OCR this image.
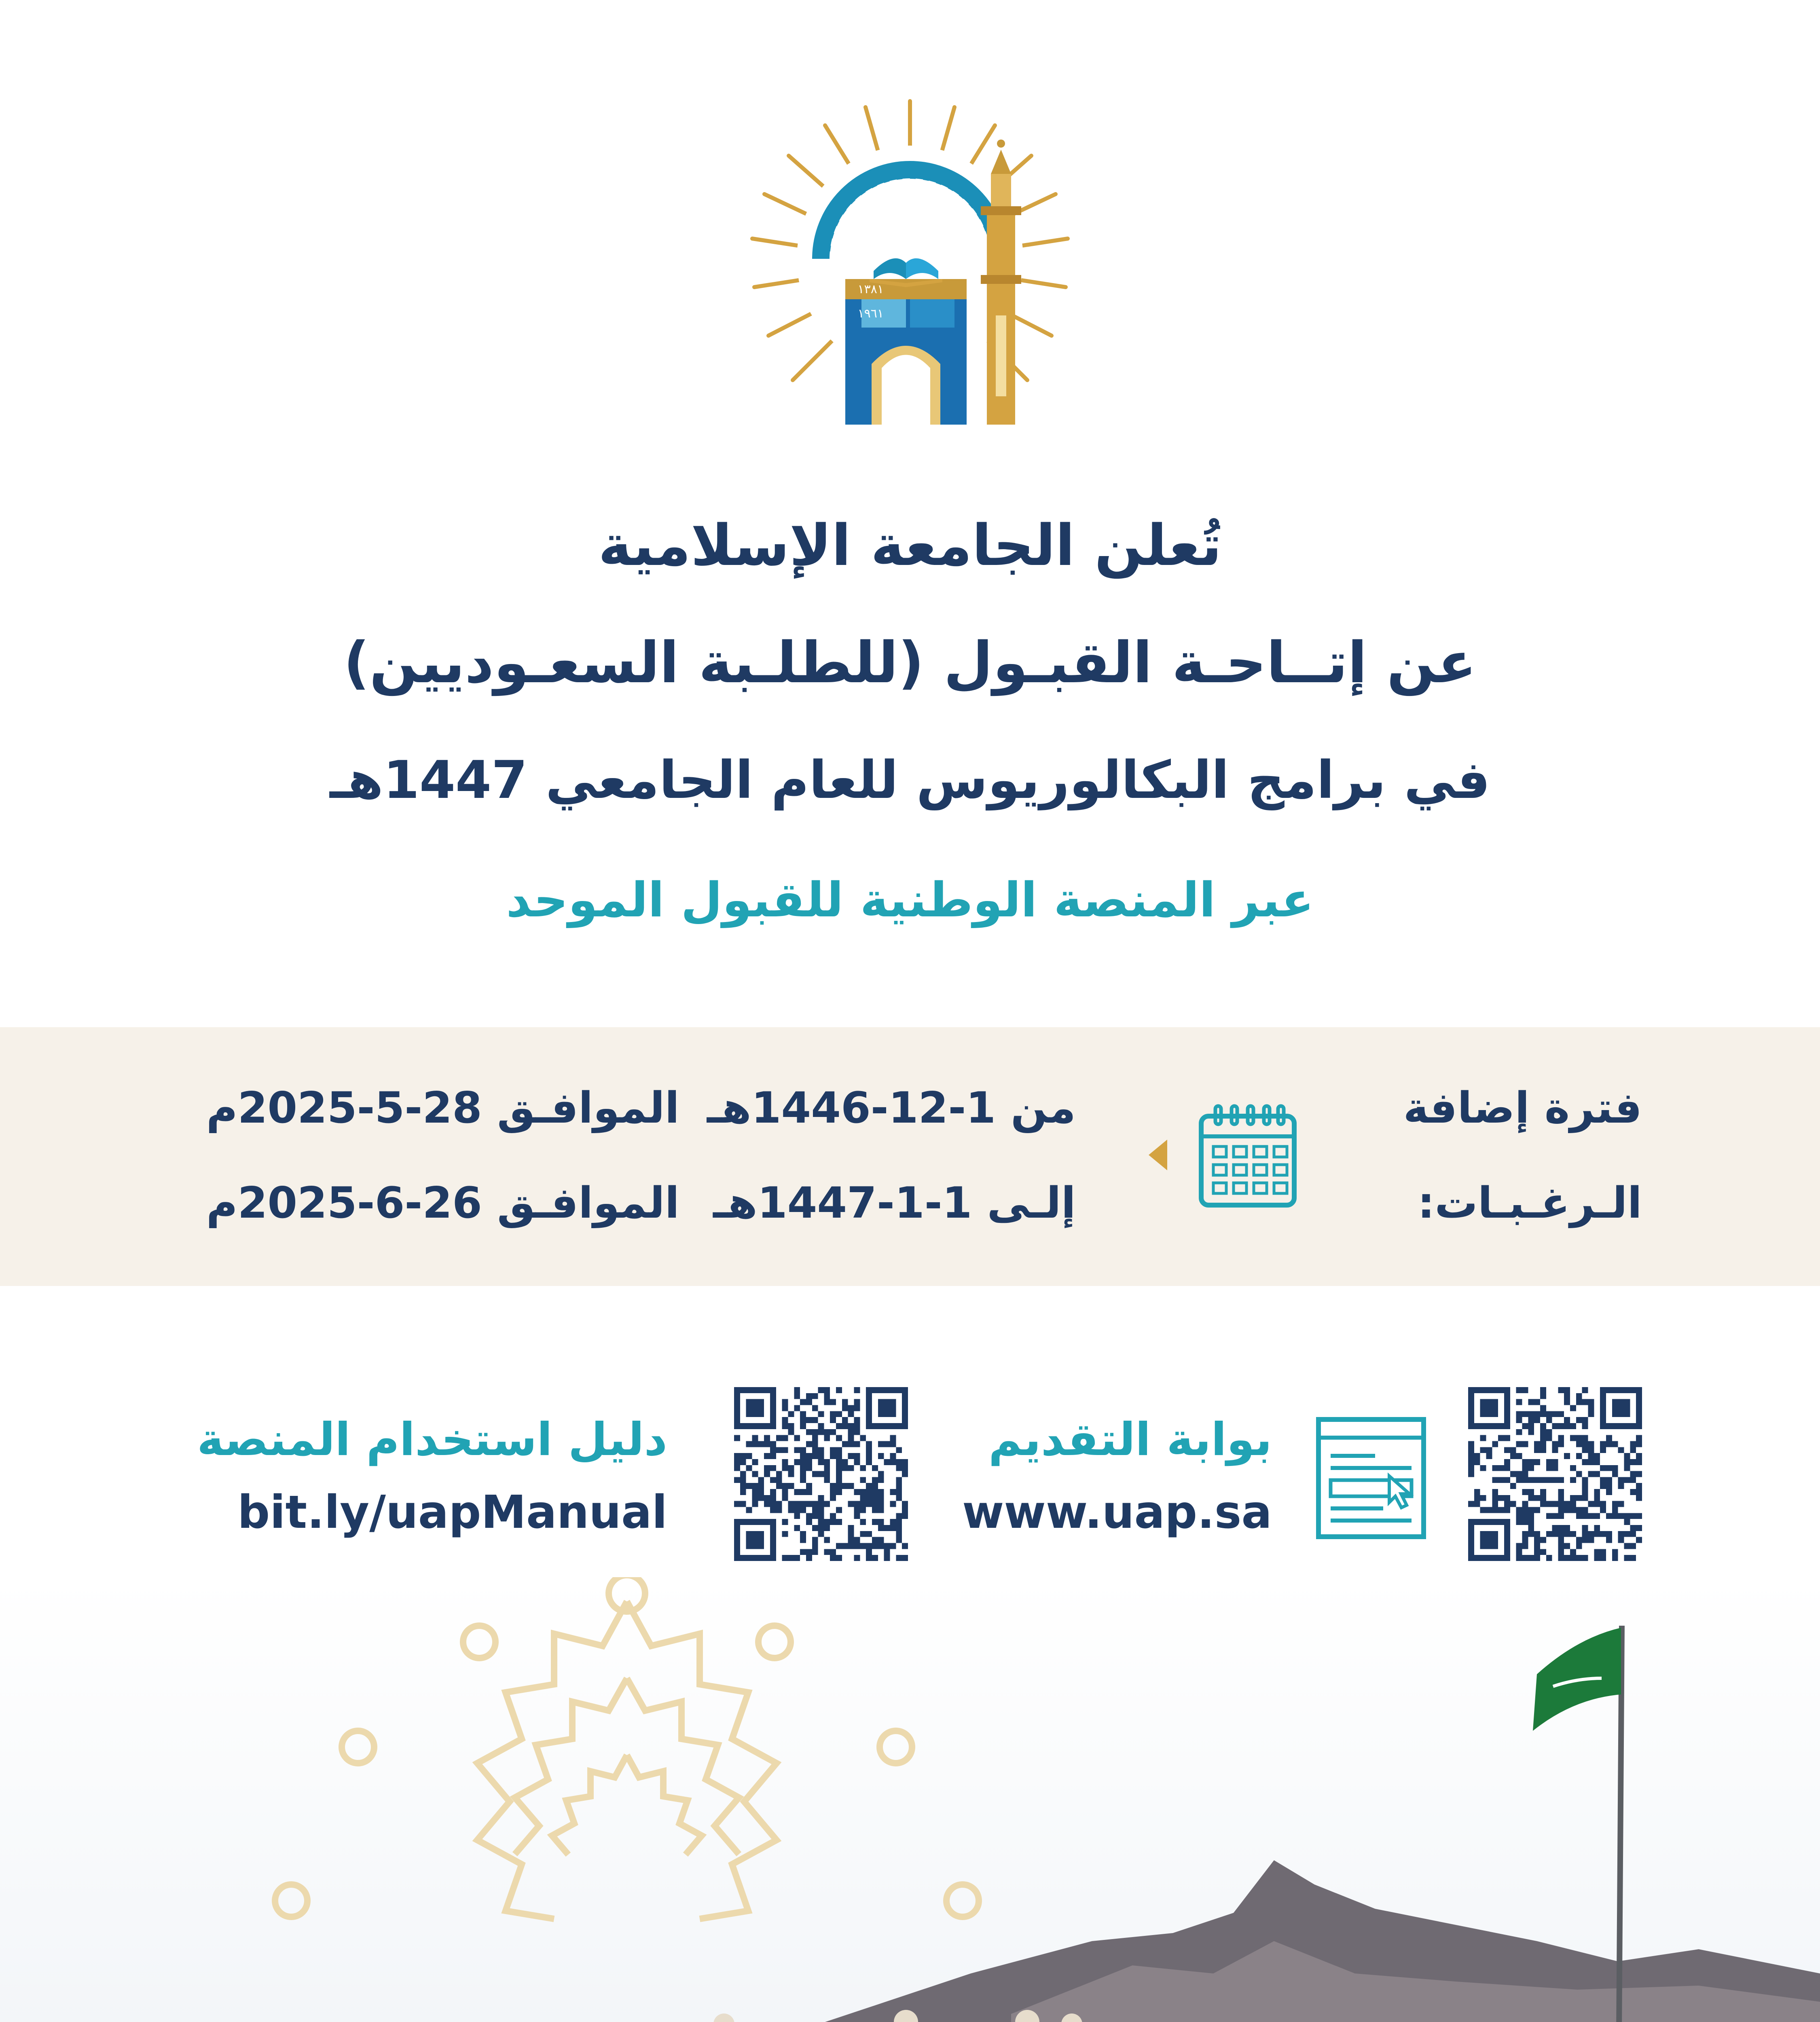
١٣٨١
١٩٦١
تُعلن الجامعة الإسلامية
عن إتــاحـة القبـول (للطلـبة السعـوديين)
في برامج البكالوريوس للعام الجامعي 1447هـ
عبر المنصة الوطنية للقبول الموحد
فترة إضافة
الـرغـبـات:
من 1-12-1446هـ
إلـى 1-1-1447هـ
الموافـق 28-5-2025م
الموافـق 26-6-2025م
بوابة التقديم
www.uap.sa
دليل استخدام المنصة
bit.ly/uapManual
